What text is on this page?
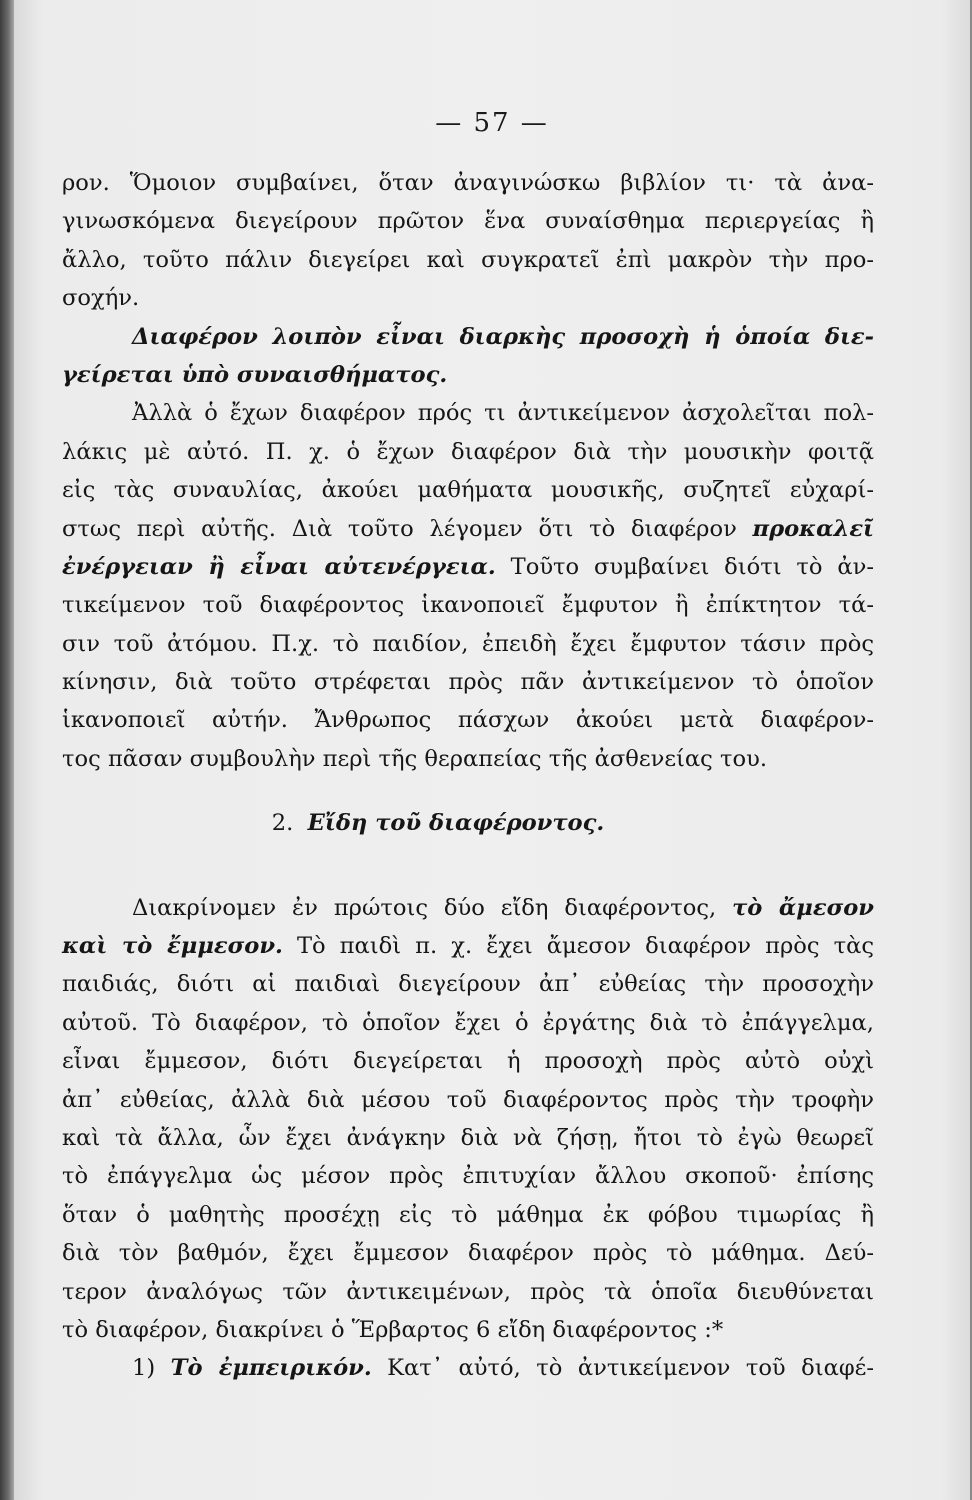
— 57 —
ρον. Ὅμοιον συμβαίνει, ὅταν ἀναγινώσκω βιβλίον τι· τὰ ἀνα-
γινωσκόμενα διεγείρουν πρῶτον ἕνα συναίσθημα περιεργείας ἢ
ἄλλο, τοῦτο πάλιν διεγείρει καὶ συγκρατεῖ ἐπὶ μακρὸν τὴν προ-
σοχήν.
Διαφέρον λοιπὸν εἶναι διαρκὴς προσοχὴ ἡ ὁποία διε-
γείρεται ὑπὸ συναισθήματος.
Ἀλλὰ ὁ ἔχων διαφέρον πρός τι ἀντικείμενον ἀσχολεῖται πολ-
λάκις μὲ αὐτό. Π. χ. ὁ ἔχων διαφέρον διὰ τὴν μουσικὴν φοιτᾷ
εἰς τὰς συναυλίας, ἀκούει μαθήματα μουσικῆς, συζητεῖ εὐχαρί-
στως περὶ αὐτῆς. Διὰ τοῦτο λέγομεν ὅτι τὸ διαφέρον προκαλεῖ
ἐνέργειαν ἢ εἶναι αὐτενέργεια. Τοῦτο συμβαίνει διότι τὸ ἀν-
τικείμενον τοῦ διαφέροντος ἱκανοποιεῖ ἔμφυτον ἢ ἐπίκτητον τά-
σιν τοῦ ἀτόμου. Π.χ. τὸ παιδίον, ἐπειδὴ ἔχει ἔμφυτον τάσιν πρὸς
κίνησιν, διὰ τοῦτο στρέφεται πρὸς πᾶν ἀντικείμενον τὸ ὁποῖον
ἱκανοποιεῖ αὐτήν. Ἄνθρωπος πάσχων ἀκούει μετὰ διαφέρον-
τος πᾶσαν συμβουλὴν περὶ τῆς θεραπείας τῆς ἀσθενείας του.
2. Εἴδη τοῦ διαφέροντος.
Διακρίνομεν ἐν πρώτοις δύο εἴδη διαφέροντος, τὸ ἄμεσον
καὶ τὸ ἔμμεσον. Τὸ παιδὶ π. χ. ἔχει ἄμεσον διαφέρον πρὸς τὰς
παιδιάς, διότι αἱ παιδιαὶ διεγείρουν ἀπ᾽ εὐθείας τὴν προσοχὴν
αὐτοῦ. Τὸ διαφέρον, τὸ ὁποῖον ἔχει ὁ ἐργάτης διὰ τὸ ἐπάγγελμα,
εἶναι ἔμμεσον, διότι διεγείρεται ἡ προσοχὴ πρὸς αὐτὸ οὐχὶ
ἀπ᾽ εὐθείας, ἀλλὰ διὰ μέσου τοῦ διαφέροντος πρὸς τὴν τροφὴν
καὶ τὰ ἄλλα, ὧν ἔχει ἀνάγκην διὰ νὰ ζήσῃ, ἤτοι τὸ ἐγὼ θεωρεῖ
τὸ ἐπάγγελμα ὡς μέσον πρὸς ἐπιτυχίαν ἄλλου σκοποῦ· ἐπίσης
ὅταν ὁ μαθητὴς προσέχῃ εἰς τὸ μάθημα ἐκ φόβου τιμωρίας ἢ
διὰ τὸν βαθμόν, ἔχει ἔμμεσον διαφέρον πρὸς τὸ μάθημα. Δεύ-
τερον ἀναλόγως τῶν ἀντικειμένων, πρὸς τὰ ὁποῖα διευθύνεται
τὸ διαφέρον, διακρίνει ὁ Ἕρβαρτος 6 εἴδη διαφέροντος :*
1) Τὸ ἐμπειρικόν. Κατ᾽ αὐτό, τὸ ἀντικείμενον τοῦ διαφέ-
